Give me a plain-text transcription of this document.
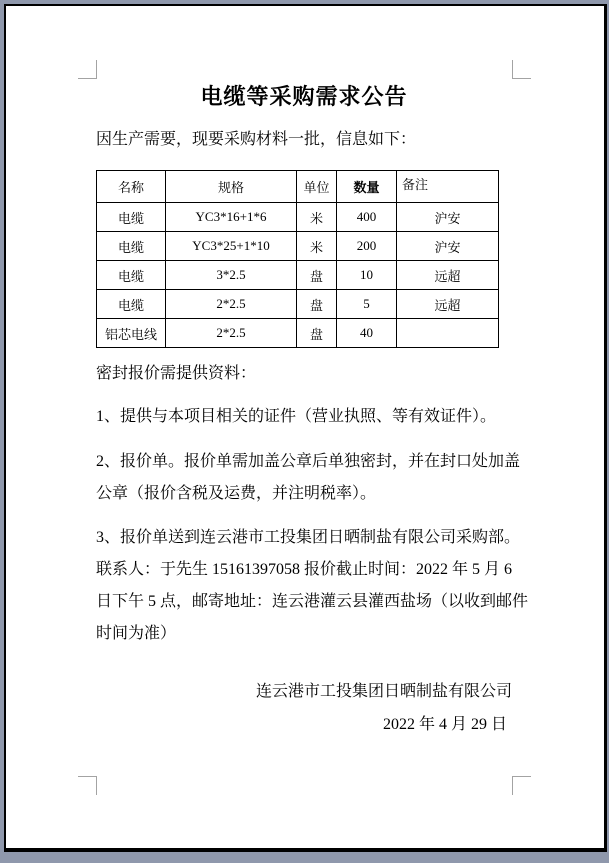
电缆等采购需求公告
因生产需要，现要采购材料一批，信息如下：
名称	规格	单位	数量	备注
电缆	YC3*16+1*6	米	400	沪安
电缆	YC3*25+1*10	米	200	沪安
电缆	3*2.5	盘	10	远超
电缆	2*2.5	盘	5	远超
铝芯电线	2*2.5	盘	40	
密封报价需提供资料：
1、提供与本项目相关的证件（营业执照、等有效证件）。
2、报价单。报价单需加盖公章后单独密封，并在封口处加盖
公章（报价含税及运费，并注明税率）。
3、报价单送到连云港市工投集团日晒制盐有限公司采购部。
联系人：于先生 15161397058 报价截止时间：2022 年 5 月 6
日下午 5 点，邮寄地址：连云港灌云县灌西盐场（以收到邮件
时间为准）
连云港市工投集团日晒制盐有限公司
2022 年 4 月 29 日
